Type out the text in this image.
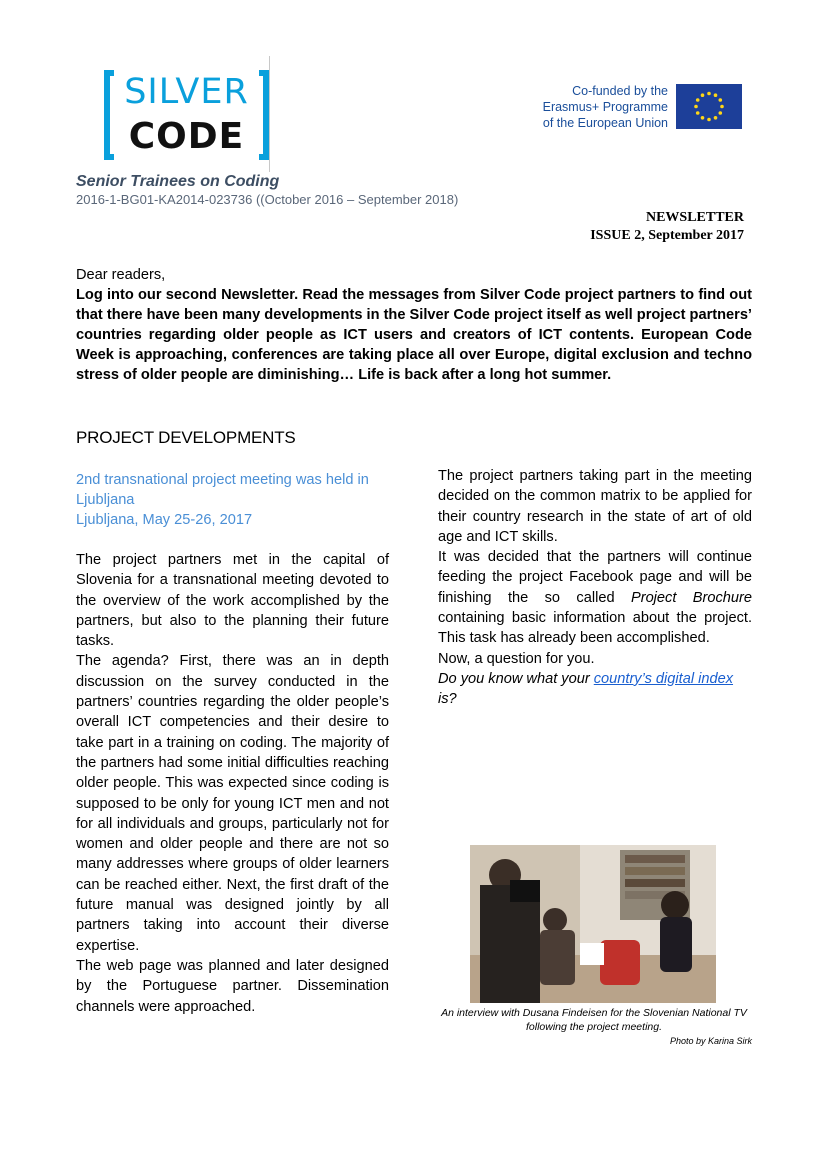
SILVER
CODE
Senior Trainees on Coding
2016-1-BG01-KA2014-023736 ((October 2016 – September 2018)
Co-funded by the
Erasmus+ Programme
of the European Union
NEWSLETTER
ISSUE 2, September 2017
Dear readers,
Log into our second Newsletter. Read the messages from Silver Code project partners to find out that there have been many developments in the Silver Code project itself as well project partners’ countries regarding older people as ICT users and creators of ICT contents. European Code Week is approaching, conferences are taking place all over Europe, digital exclusion and techno stress of older people are diminishing… Life is back after a long hot summer.
PROJECT DEVELOPMENTS

2nd transnational project meeting was held in Ljubljana
Ljubljana, May 25-26, 2017

The project partners met in the capital of Slovenia for a transnational meeting devoted to the overview of the work accomplished by the partners, but also to the planning their future tasks.

The agenda? First, there was an in depth discussion on the survey conducted in the partners’ countries regarding the older people’s overall ICT competencies and their desire to take part in a training on coding. The majority of the partners had some initial difficulties reaching older people. This was expected since coding is supposed to be only for young ICT men and not for all individuals and groups, particularly not for women and older people and there are not so many addresses where groups of older learners can be reached either. Next, the first draft of the future manual was designed jointly by all partners taking into account their diverse expertise.

The web page was planned and later designed by the Portuguese partner. Dissemination channels were approached.

The project partners taking part in the meeting decided on the common matrix to be applied for their country research in the state of art of old age and ICT skills.

It was decided that the partners will continue feeding the project Facebook page and will be finishing the so called Project Brochure containing basic information about the project. This task has already been accomplished.

Now, a question for you.

Do you know what your country’s digital index is?

An interview with Dusana Findeisen for the Slovenian National TV following the project meeting.
Photo by Karina Sirk
